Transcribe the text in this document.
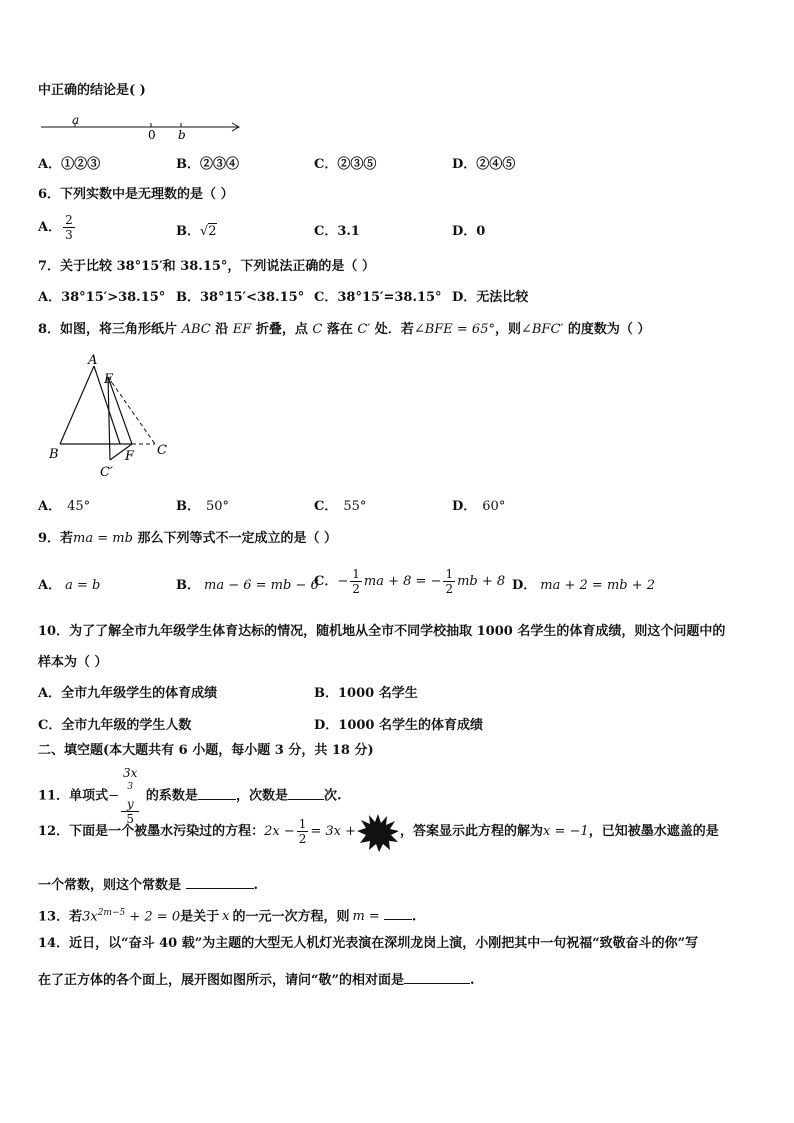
中正确的结论是( )
a
0 b
A．①②③	B．②③④	C．②③⑤	D．②④⑤
6．下列实数中是无理数的是（ ）
A． $\frac{2}{3}$	B．√2	C．3.1	D．0
7．关于比较 38°15′和 38.15°，下列说法正确的是（ ）
A．38°15′>38.15° B．38°15′<38.15° C．38°15′=38.15° D．无法比较
8．如图，将三角形纸片 ABC 沿 EF 折叠，点 C 落在 C′ 处．若∠BFE = 65°，则∠BFC′ 的度数为（ ）
A
E
B	C
F
C′
A． 45°	B． 50°	C． 55°	D． 60°
9．若ma = mb 那么下列等式不一定成立的是（ ）
A． a = b	B． ma − 6 = mb − 6
C．− $\frac{1}{2}$ ma + 8 = − $\frac{1}{2}$ mb + 8 D． ma + 2 = mb + 2
10．为了了解全市九年级学生体育达标的情况，随机地从全市不同学校抽取 1000 名学生的体育成绩，则这个问题中的
样本为（ ）
A．全市九年级学生的体育成绩	B．1000 名学生
C．全市九年级的学生人数	D．1000 名学生的体育成绩
二、填空题(本大题共有 6 小题，每小题 3 分，共 18 分)
11．单项式− 3x
$^3$
y
5 的系数是	，次数是	次.
12．下面是一个被墨水污染过的方程：$2x - \frac{1}{2} = 3x$ +	，答案显示此方程的解为x = −1，已知被墨水遮盖的是
一个常数，则这个常数是	.
13．若$3x^{2m-5} + 2 = 0$是关于 x 的一元一次方程，则 m = .
14．近日，以“奋斗 40 载”为主题的大型无人机灯光表演在深圳龙岗上演，小刚把其中一句祝福“致敬奋斗的你”写
在了正方体的各个面上，展开图如图所示，请问“敬”的相对面是	.
